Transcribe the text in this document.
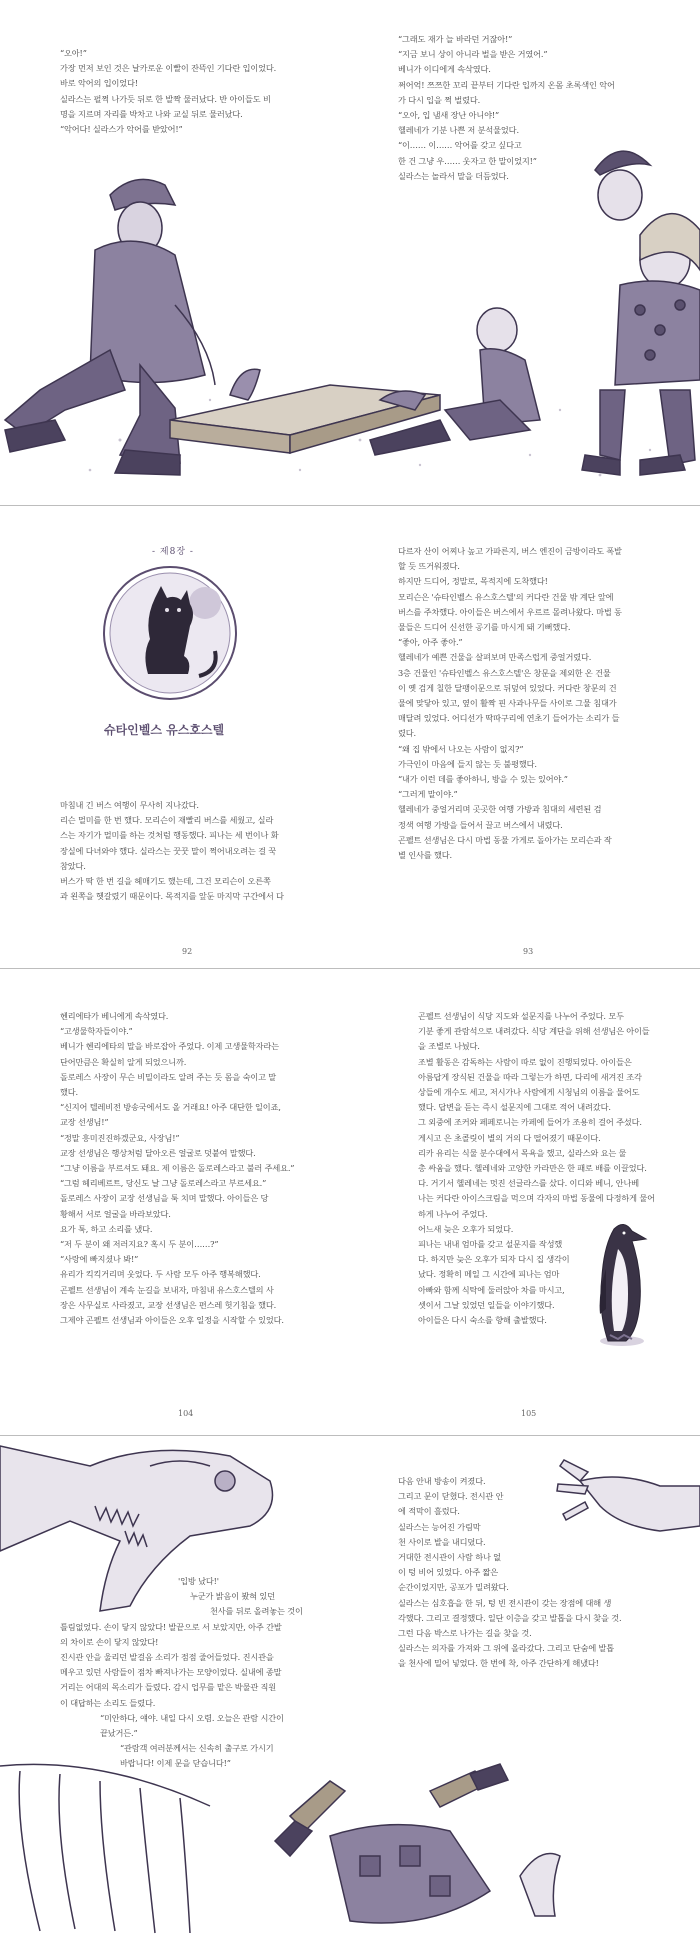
“오아!”

가장 먼저 보인 것은 날카로운 이빨이 잔뜩인 기다란 입이었다.

바로 악어의 입이었다!

실라스는 펄쩍 나가듯 뒤로 한 발짝 물러났다. 반 아이들도 비

명을 지르며 자리를 박차고 나와 교실 뒤로 물러났다.

“악어다! 실라스가 악어를 받았어!”

“그래도 재가 늘 바라던 거잖아!”

“지금 보니 상이 아니라 벌을 받은 거였어.”

베니가 이디에게 속삭였다.

쩌어억! 쯔쯔한 꼬리 끝부터 기다란 입까지 온몸 초록색인 악어

가 다시 입을 쩍 벌렸다.

“오아, 입 냄새 장난 아니야!”

헬레네가 기분 나쁜 저 분석물었다.

“이…… 이…… 악어를 갖고 싶다고

한 건 그냥 우…… 웃자고 한 말이었지!”

실라스는 놀라서 말을 더듬었다.

- 제8장 -
슈타인벨스 유스호스텔

마침내 긴 버스 여행이 무사히 지나갔다.

리슨 멀미를 한 번 했다. 모리슨이 재빨리 버스를 세웠고, 실라

스는 자기가 멀미를 하는 것처럼 행동했다. 피나는 세 번이나 화

장실에 다녀와야 했다. 실라스는 꿋꿋 말이 쩍어내오려는 걸 꾹

참았다.

버스가 딱 한 번 길을 헤매기도 했는데, 그건 모리슨이 오른쪽

과 왼쪽을 헷갈렸기 때문이다. 목적지를 앞둔 마지막 구간에서 다

다르자 산이 어찌나 높고 가파른지, 버스 엔진이 금방이라도 폭발

할 듯 뜨거워졌다.

하지만 드디어, 정말로, 목적지에 도착했다!

모리슨은 '슈타인벨스 유스호스텔'의 커다란 건물 밖 계단 앞에

버스를 주차했다. 아이들은 버스에서 우르르 몰려나왔다. 마법 동

물들은 드디어 신선한 공기를 마시게 돼 기뻐했다.

“좋아, 아주 좋아.”

헬레네가 예쁜 건물을 살펴보며 만족스럽게 중얼거렸다.

3층 건물인 '슈타인벨스 유스호스텔'은 창문을 제외한 온 건물

이 옛 검게 칠한 달팽이문으로 뒤덮여 있었다. 커다란 창문의 건

물에 맞닿아 있고, 옆이 활짝 핀 사과나무들 사이로 그물 침대가

매달려 있었다. 어디선가 딱따구리에 연초기 들어가는 소리가 들

렸다.

“왜 집 밖에서 나오는 사람이 없지?”

가극인이 마음에 들지 않는 듯 불평했다.

“내가 이런 데를 좋아하니, 방을 수 있는 있어야.”

“그러게 말이야.”

헬레네가 중얼거리며 곳곳한 여행 가방과 침대의 세련된 검

정색 여행 가방을 들어서 끌고 버스에서 내렸다.

곤펠트 선생님은 다시 마법 동물 가게로 돌아가는 모리슨과 작

별 인사를 했다.

92	93

헨리에타가 베니에게 속삭였다.

“고생물학자들이야.”

베니가 헨리에타의 말을 바로잡아 주었다. 이제 고생물학자라는

단어만큼은 확실히 알게 되었으니까.

돌로레스 사장이 무슨 비밀이라도 알려 주는 듯 몸을 숙이고 말

했다.

“신지어 텔레비전 방송국에서도 올 거래요! 아주 대단한 일이죠,

교장 선생님!”

“정말 흥미진진하겠군요, 사장님!”

교장 선생님은 행상처럼 달아오른 얼굴로 덧붙여 말했다.

“그냥 이름을 부르셔도 돼요. 제 이름은 돌로레스라고 불러 주세요.”

“그럼 헤리베르트, 당신도 날 그냥 돌로레스라고 부르세요.”

돌로레스 사장이 교장 선생님을 툭 치며 말했다. 아이들은 당

황해서 서로 얼굴을 바라보았다.

요가 툭, 하고 소리를 냈다.

“저 두 분이 왜 저러지요? 혹시 두 분이……?”

“사랑에 빠지셨나 봐!”

유리가 킥킥거리며 웃었다. 두 사람 모두 아주 행복해했다.

곤펠트 선생님이 계속 눈길을 보내자, 마침내 유스호스텔의 사

장은 사무실로 사라졌고, 교장 선생님은 편스레 헛기침을 했다.

그제야 곤펠트 선생님과 아이들은 오후 일정을 시작할 수 있었다.

곤펠트 선생님이 식당 지도와 설문지를 나누어 주었다. 모두

기분 좋게 관람석으로 내려갔다. 식당 계단을 위해 선생님은 아이들

을 조별로 나눴다.

조별 활동은 감독하는 사람이 따로 없이 진행되었다. 아이들은

아름답게 장식된 건물을 따라 그렇는가 하면, 다리에 새겨진 조각

상들에 개수도 세고, 저시가나 사람에게 시청님의 이름을 물어도

했다. 답변을 듣는 즉시 설문지에 그대로 적어 내려갔다.

그 외중에 조커와 페페로니는 카페에 들어가 조용히 걸어 주섰다.

게시고 은 초콜릿이 별의 거의 다 떨어졌기 때문이다.

리카 유리는 식물 분수대에서 목욕을 했고, 실라스와 요는 물

총 싸움을 했다. 헬레네와 고양한 카라만은 한 패로 배를 이끌었다.

다. 거기서 헬레네는 멋진 선글라스를 샀다. 이디와 베니, 안나베

나는 커다란 아이스크림을 먹으며 각자의 마법 동물에 다정하게 물어

하게 나누어 주었다.

어느새 늦은 오후가 되었다.

피나는 내내 엄마를 갖고 설문지를 작성했

다. 하지만 늦은 오후가 되자 다시 집 생각이

났다. 정확히 메일 그 시간에 피나는 엄마

아빠와 함께 식탁에 둘러앉아 차를 마시고,

셋이서 그날 있었던 일들을 이야기했다.

아이들은 다시 숙소를 향해 출발했다.

104	105

'입방 났다!'

누군가 밝음이 봤혀 있던

천사를 뒤로 올려놓는 것이

틀림없었다. 손이 닿지 않았다! 발끝으로 서 보았지만, 아주 간발

의 차이로 손이 닿지 않았다!

진시관 안을 울리던 발걸음 소리가 점점 줄어들었다. 진시관을

메우고 있던 사람들이 점차 빠져나가는 모양이었다. 실내에 종말

거리는 어대의 목소리가 들렸다. 감시 업무를 맡은 박물관 직원

이 대답하는 소리도 들렸다.

“미안하다, 얘야. 내일 다시 오렴. 오늘은 관람 시간이

끝났거든.”

“관람객 여러분께서는 신속히 출구로 가시기

바랍니다! 이제 문을 닫습니다!”

다음 안내 방송이 켜졌다.

그리고 문이 닫혔다. 전시관 안

에 적막이 흘렀다.

실라스는 능어진 가림막

천 사이로 발을 내디뎠다.

거대한 전시관이 사람 하나 없

이 텅 비어 있었다. 아주 짧은

순간이었지만, 공포가 밀려왔다.

실라스는 심호흡을 한 뒤, 텅 빈 전시관이 갖는 장점에 대해 생

각했다. 그리고 결정했다. 일단 이층을 갖고 발톱을 다시 찾을 것.

그런 다음 박스로 나가는 길을 찾을 것.

실라스는 의자를 가져와 그 위에 올라갔다. 그리고 단숨에 발톱

을 천사에 밀어 넣었다. 한 번에 착, 아주 간단하게 해냈다!
